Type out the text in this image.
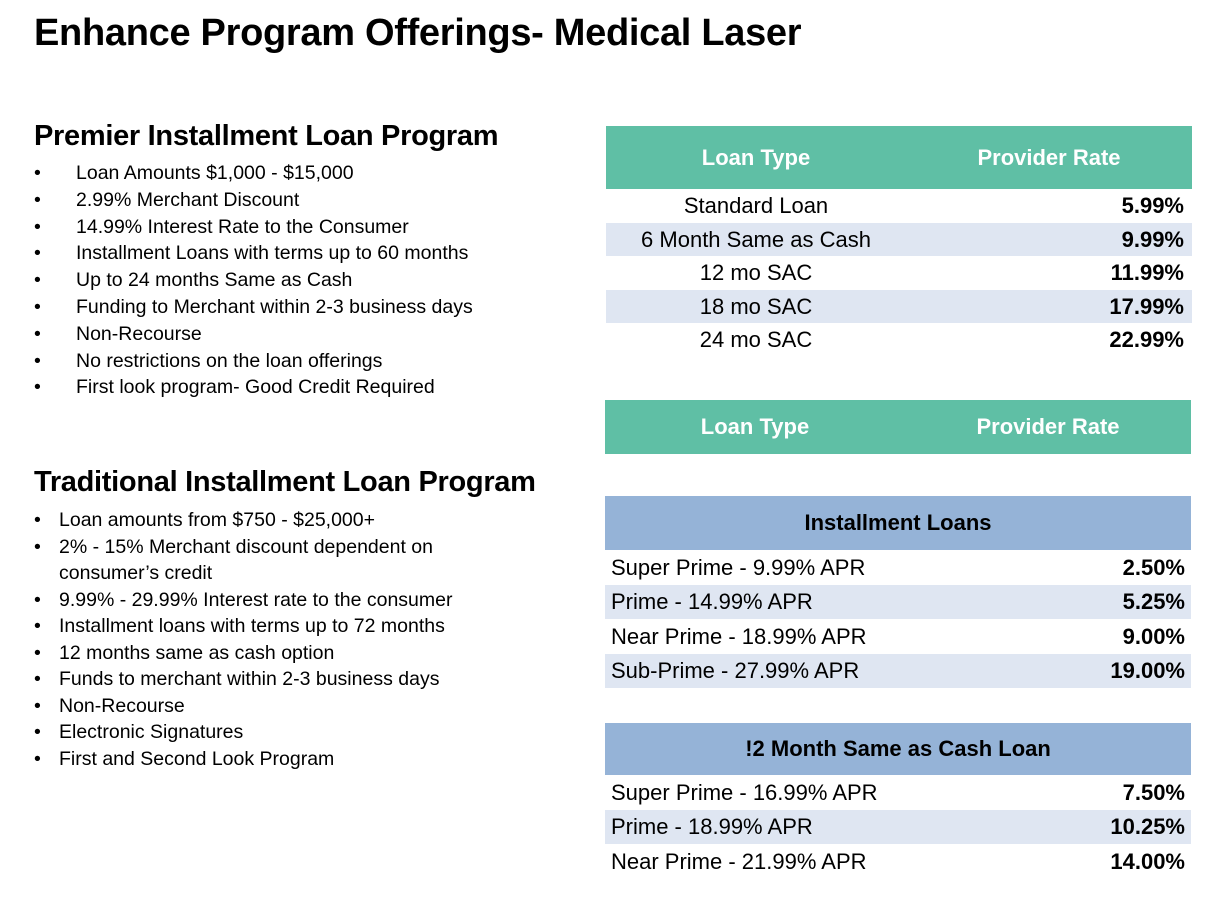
Enhance Program Offerings- Medical Laser
Premier Installment Loan Program
• Loan Amounts $1,000 - $15,000
• 2.99% Merchant Discount
• 14.99% Interest Rate to the Consumer
• Installment Loans with terms up to 60 months
• Up to 24 months Same as Cash
• Funding to Merchant within 2-3 business days
• Non-Recourse
• No restrictions on the loan offerings
• First look program- Good Credit Required
Traditional Installment Loan Program
• Loan amounts from $750 - $25,000+
• 2% - 15% Merchant discount dependent on consumer’s credit
• 9.99% - 29.99% Interest rate to the consumer
• Installment loans with terms up to 72 months
• 12 months same as cash option
• Funds to merchant within 2-3 business days
• Non-Recourse
• Electronic Signatures
• First and Second Look Program
Loan Type	Provider Rate
Standard Loan	5.99%
6 Month Same as Cash	9.99%
12 mo SAC	11.99%
18 mo SAC	17.99%
24 mo SAC	22.99%
Loan Type	Provider Rate
Installment Loans
Super Prime - 9.99% APR	2.50%
Prime - 14.99% APR	5.25%
Near Prime - 18.99% APR	9.00%
Sub-Prime - 27.99% APR	19.00%
!2 Month Same as Cash Loan
Super Prime - 16.99% APR	7.50%
Prime - 18.99% APR	10.25%
Near Prime - 21.99% APR	14.00%
